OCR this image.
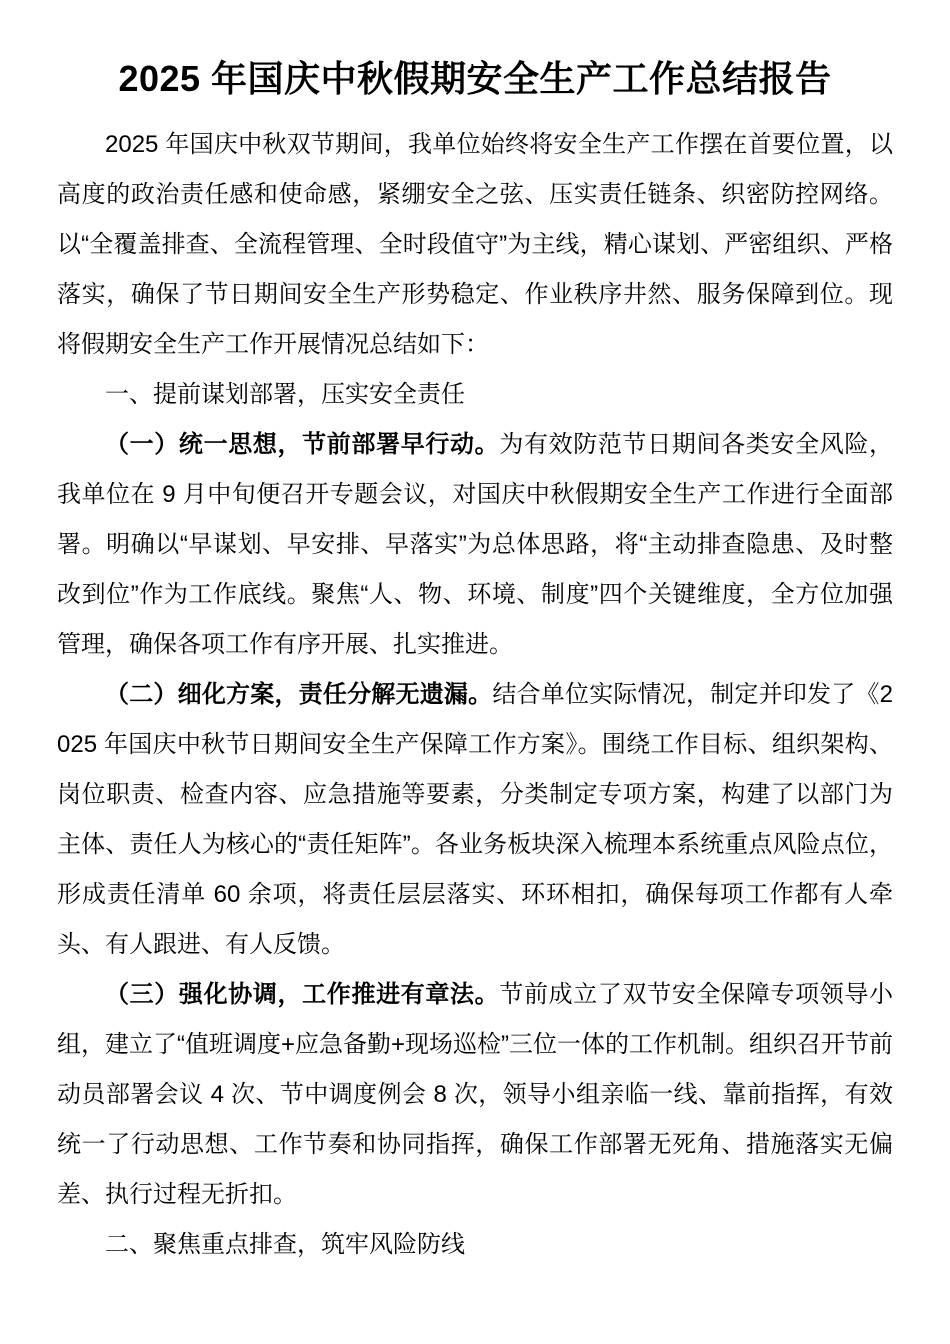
2025 年国庆中秋假期安全生产工作总结报告

2025 年国庆中秋双节期间，我单位始终将安全生产工作摆在首要位置，以高度的政治责任感和使命感，紧绷安全之弦、压实责任链条、织密防控网络。以“全覆盖排查、全流程管理、全时段值守”为主线，精心谋划、严密组织、严格落实，确保了节日期间安全生产形势稳定、作业秩序井然、服务保障到位。现将假期安全生产工作开展情况总结如下：

一、提前谋划部署，压实安全责任

（一）统一思想，节前部署早行动。为有效防范节日期间各类安全风险，我单位在 9 月中旬便召开专题会议，对国庆中秋假期安全生产工作进行全面部署。明确以“早谋划、早安排、早落实”为总体思路，将“主动排查隐患、及时整改到位”作为工作底线。聚焦“人、物、环境、制度”四个关键维度，全方位加强管理，确保各项工作有序开展、扎实推进。

（二）细化方案，责任分解无遗漏。结合单位实际情况，制定并印发了《2025 年国庆中秋节日期间安全生产保障工作方案》。围绕工作目标、组织架构、岗位职责、检查内容、应急措施等要素，分类制定专项方案，构建了以部门为主体、责任人为核心的“责任矩阵”。各业务板块深入梳理本系统重点风险点位，形成责任清单 60 余项，将责任层层落实、环环相扣，确保每项工作都有人牵头、有人跟进、有人反馈。

（三）强化协调，工作推进有章法。节前成立了双节安全保障专项领导小组，建立了“值班调度+应急备勤+现场巡检”三位一体的工作机制。组织召开节前动员部署会议 4 次、节中调度例会 8 次，领导小组亲临一线、靠前指挥，有效统一了行动思想、工作节奏和协同指挥，确保工作部署无死角、措施落实无偏差、执行过程无折扣。

二、聚焦重点排查，筑牢风险防线
